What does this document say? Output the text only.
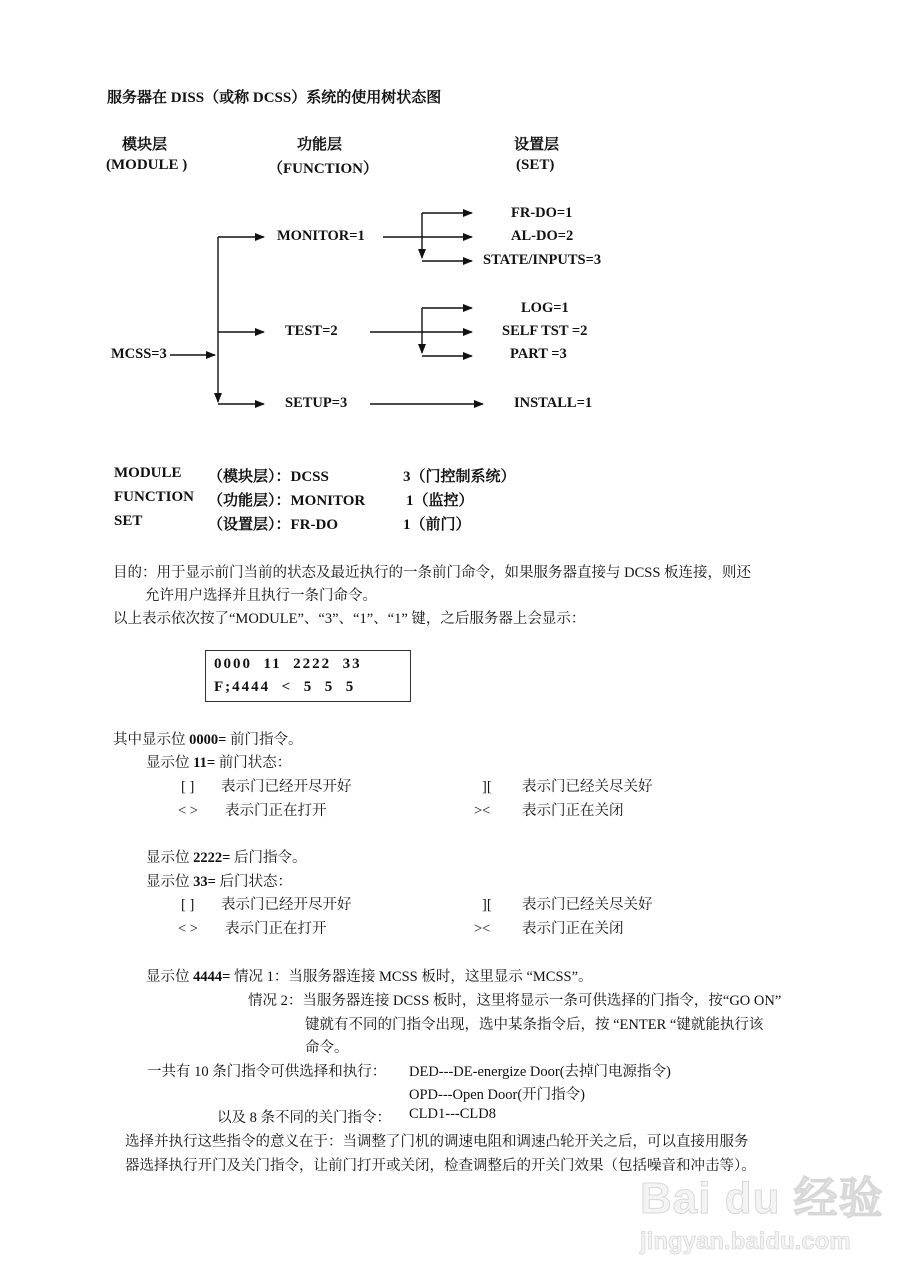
服务器在 DISS（或称 DCSS）系统的使用树状态图
模块层
(MODULE )
功能层
（FUNCTION）
设置层
(SET)
MCSS=3
MONITOR=1
TEST=2
SETUP=3
FR-DO=1
AL-DO=2
STATE/INPUTS=3
LOG=1
SELF TST =2
PART =3
INSTALL=1
MODULE （模块层）：DCSS	3（门控制系统）
FUNCTION （功能层）：MONITOR	1（监控）
SET	（设置层）：FR-DO	1（前门）
目的：用于显示前门当前的状态及最近执行的一条前门命令，如果服务器直接与 DCSS 板连接，则还
允许用户选择并且执行一条门命令。
以上表示依次按了“MODULE”、“3”、“1”、“1” 键，之后服务器上会显示：
0000  11  2222  33
F;4444  <  5  5  5
其中显示位 0000= 前门指令。
显示位 11= 前门状态：
[ ] 表示门已经开尽开好	][ 表示门已经关尽关好
< > 表示门正在打开	>< 表示门正在关闭
显示位 2222= 后门指令。
显示位 33= 后门状态：
[ ] 表示门已经开尽开好	][ 表示门已经关尽关好
< > 表示门正在打开	>< 表示门正在关闭
显示位 4444= 情况 1：当服务器连接 MCSS 板时，这里显示 “MCSS”。
情况 2：当服务器连接 DCSS 板时，这里将显示一条可供选择的门指令，按“GO ON”
键就有不同的门指令出现，选中某条指令后，按 “ENTER “键就能执行该
命令。
一共有 10 条门指令可供选择和执行： DED---DE-energize Door(去掉门电源指令)
OPD---Open Door(开门指令)
以及 8 条不同的关门指令： CLD1---CLD8
选择并执行这些指令的意义在于：当调整了门机的调速电阻和调速凸轮开关之后，可以直接用服务
器选择执行开门及关门指令，让前门打开或关闭，检查调整后的开关门效果（包括噪音和冲击等）。
Bai du 经验
jingyan.baidu.com
